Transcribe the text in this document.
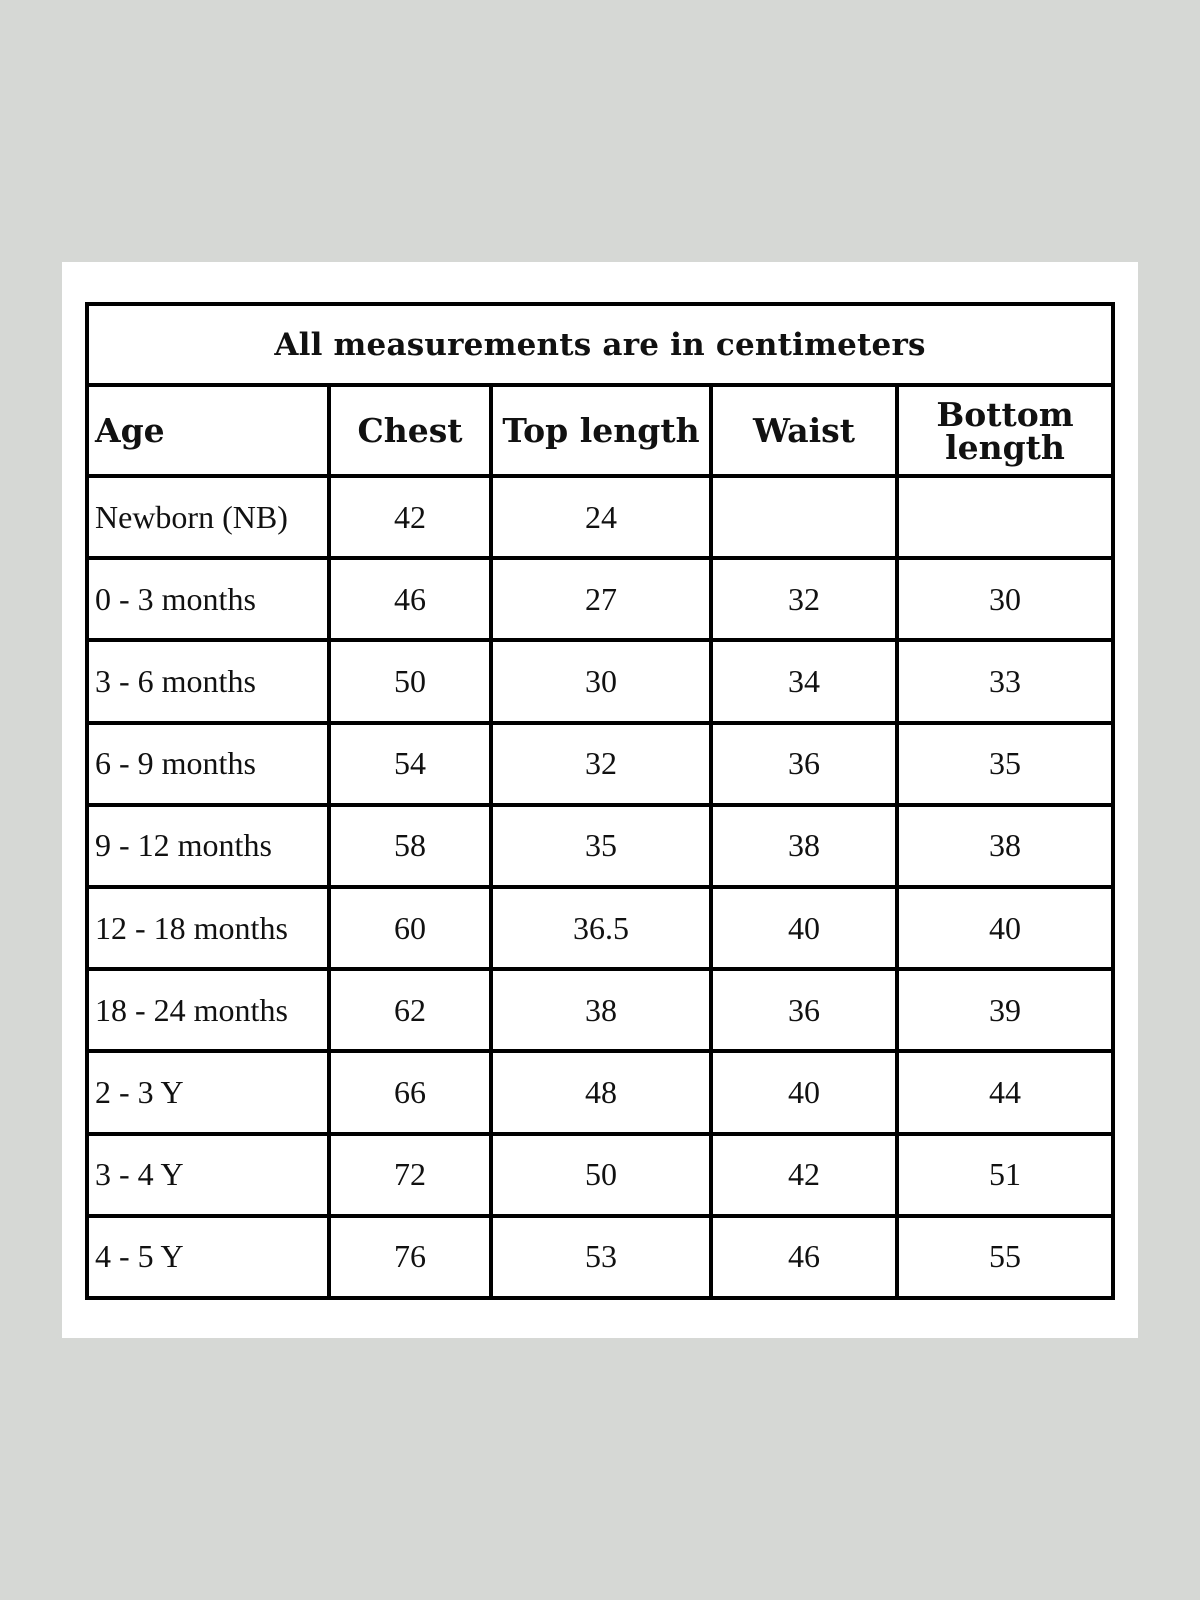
All measurements are in centimeters				
Age	Chest	Top length	Waist	Bottom length
Newborn (NB)	42	24		
0 - 3 months	46	27	32	30
3 - 6 months	50	30	34	33
6 - 9 months	54	32	36	35
9 - 12 months	58	35	38	38
12 - 18 months	60	36.5	40	40
18 - 24 months	62	38	36	39
2 - 3 Y	66	48	40	44
3 - 4 Y	72	50	42	51
4 - 5 Y	76	53	46	55
